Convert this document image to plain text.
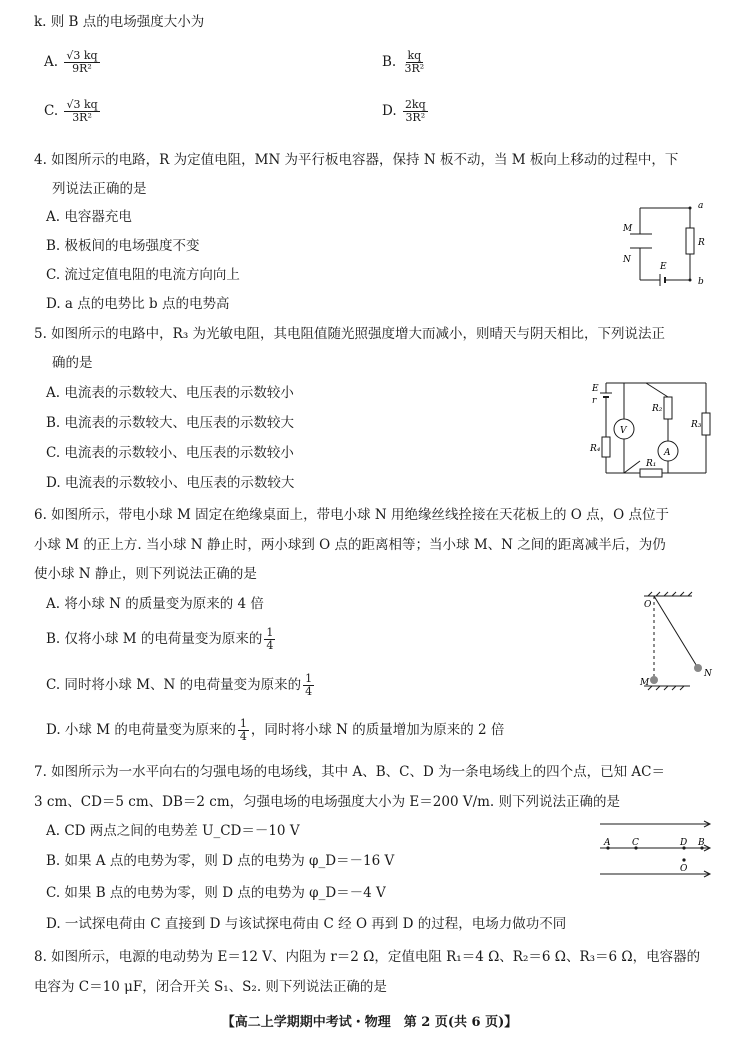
k. 则 B 点的电场强度大小为
A. $\frac{√3 kq}{\text{9R²}}$	B. $\frac{kq}{\text{3R²}}$
C. $\frac{√3 kq}{\text{3R²}}$	D. $\frac{2kq}{\text{3R²}}$
4. 如图所示的电路，R 为定值电阻，MN 为平行板电容器，保持 N 板不动，当 M 板向上移动的过程中，下
列说法正确的是
A. 电容器充电
B. 极板间的电场强度不变
C. 流过定值电阻的电流方向向上
D. a 点的电势比 b 点的电势高
M
N
E
R
a
b
5. 如图所示的电路中，R₃ 为光敏电阻，其电阻值随光照强度增大而减小，则晴天与阴天相比，下列说法正
确的是
A. 电流表的示数较大、电压表的示数较小
B. 电流表的示数较大、电压表的示数较大
C. 电流表的示数较小、电压表的示数较小
D. 电流表的示数较小、电压表的示数较大
E
r
V
A
R₁
R₂
R₃
R₄
6. 如图所示，带电小球 M 固定在绝缘桌面上，带电小球 N 用绝缘丝线拴接在天花板上的 O 点，O 点位于
小球 M 的正上方. 当小球 N 静止时，两小球到 O 点的距离相等；当小球 M、N 之间的距离减半后，为仍
使小球 N 静止，则下列说法正确的是
A. 将小球 N 的质量变为原来的 4 倍
B. 仅将小球 M 的电荷量变为原来的 $\frac{1}{4}$
C. 同时将小球 M、N 的电荷量变为原来的 $\frac{1}{4}$
D. 小球 M 的电荷量变为原来的 $\frac{1}{4}$ ，同时将小球 N 的质量增加为原来的 2 倍
O
M
N
7. 如图所示为一水平向右的匀强电场的电场线，其中 A、B、C、D 为一条电场线上的四个点，已知 AC＝
3 cm、CD＝5 cm、DB＝2 cm，匀强电场的电场强度大小为 E＝200 V/m. 则下列说法正确的是
A. CD 两点之间的电势差 U_CD＝－10 V
B. 如果 A 点的电势为零，则 D 点的电势为 φ_D＝－16 V
C. 如果 B 点的电势为零，则 D 点的电势为 φ_D＝－4 V
D. 一试探电荷由 C 直接到 D 与该试探电荷由 C 经 O 再到 D 的过程，电场力做功不同
A C	D B
O
8. 如图所示，电源的电动势为 E＝12 V、内阻为 r＝2 Ω，定值电阻 R₁＝4 Ω、R₂＝6 Ω、R₃＝6 Ω，电容器的
电容为 C＝10 μF，闭合开关 S₁、S₂. 则下列说法正确的是
【高二上学期期中考试・物理　第 2 页(共 6 页)】
